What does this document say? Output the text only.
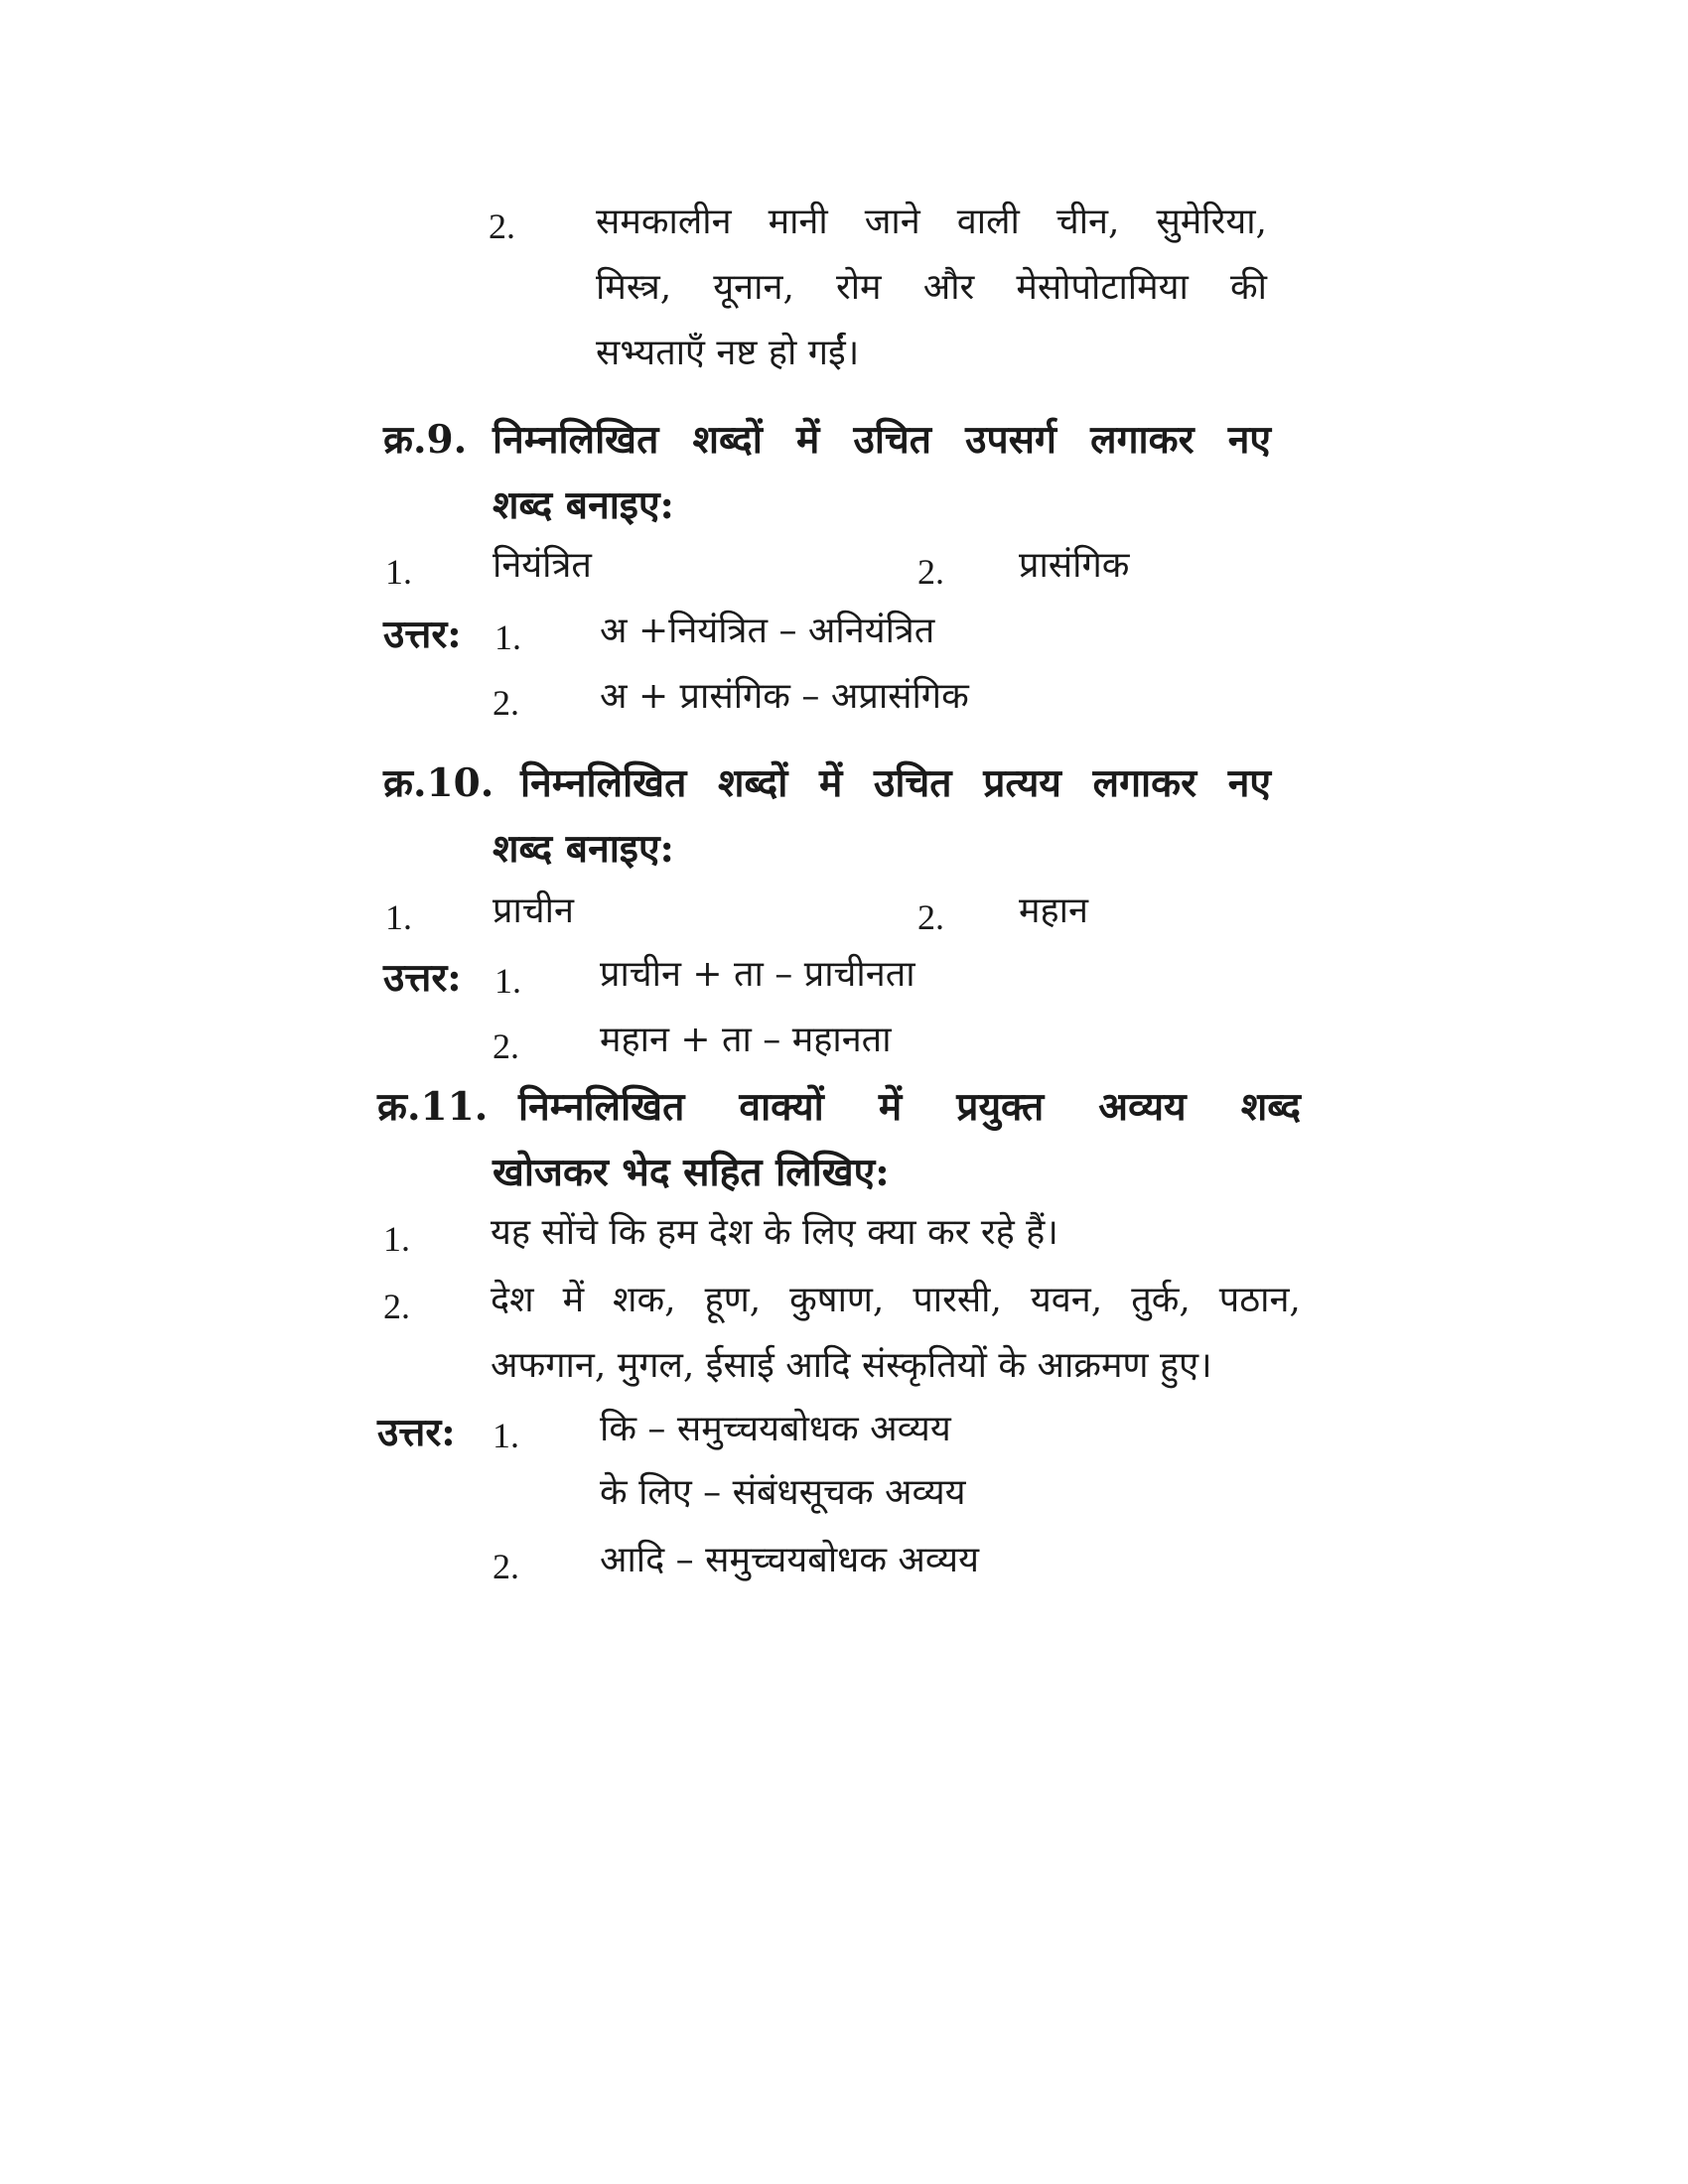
2. समकालीन मानी जाने वाली चीन, सुमेरिया,
मिस्त्र, यूनान, रोम और मेसोपोटामिया की
सभ्यताएँ नष्ट हो गईं।
क्र.9. निम्नलिखित शब्दों में उचित उपसर्ग लगाकर नए
शब्द बनाइए:
1. नियंत्रित	2. प्रासंगिक
उत्तर: 1. अ +नियंत्रित – अनियंत्रित
2. अ + प्रासंगिक – अप्रासंगिक
क्र.10. निम्नलिखित शब्दों में उचित प्रत्यय लगाकर नए
शब्द बनाइए:
1. प्राचीन	2. महान
उत्तर: 1. प्राचीन + ता – प्राचीनता
2. महान + ता – महानता
क्र.11. निम्नलिखित वाक्यों में प्रयुक्त अव्यय शब्द
खोजकर भेद सहित लिखिए:
1. यह सोंचे कि हम देश के लिए क्या कर रहे हैं।
2. देश में शक, हूण, कुषाण, पारसी, यवन, तुर्क, पठान,
अफगान, मुगल, ईसाई आदि संस्कृतियों के आक्रमण हुए।
उत्तर: 1. कि – समुच्चयबोधक अव्यय
के लिए – संबंधसूचक अव्यय
2. आदि – समुच्चयबोधक अव्यय
